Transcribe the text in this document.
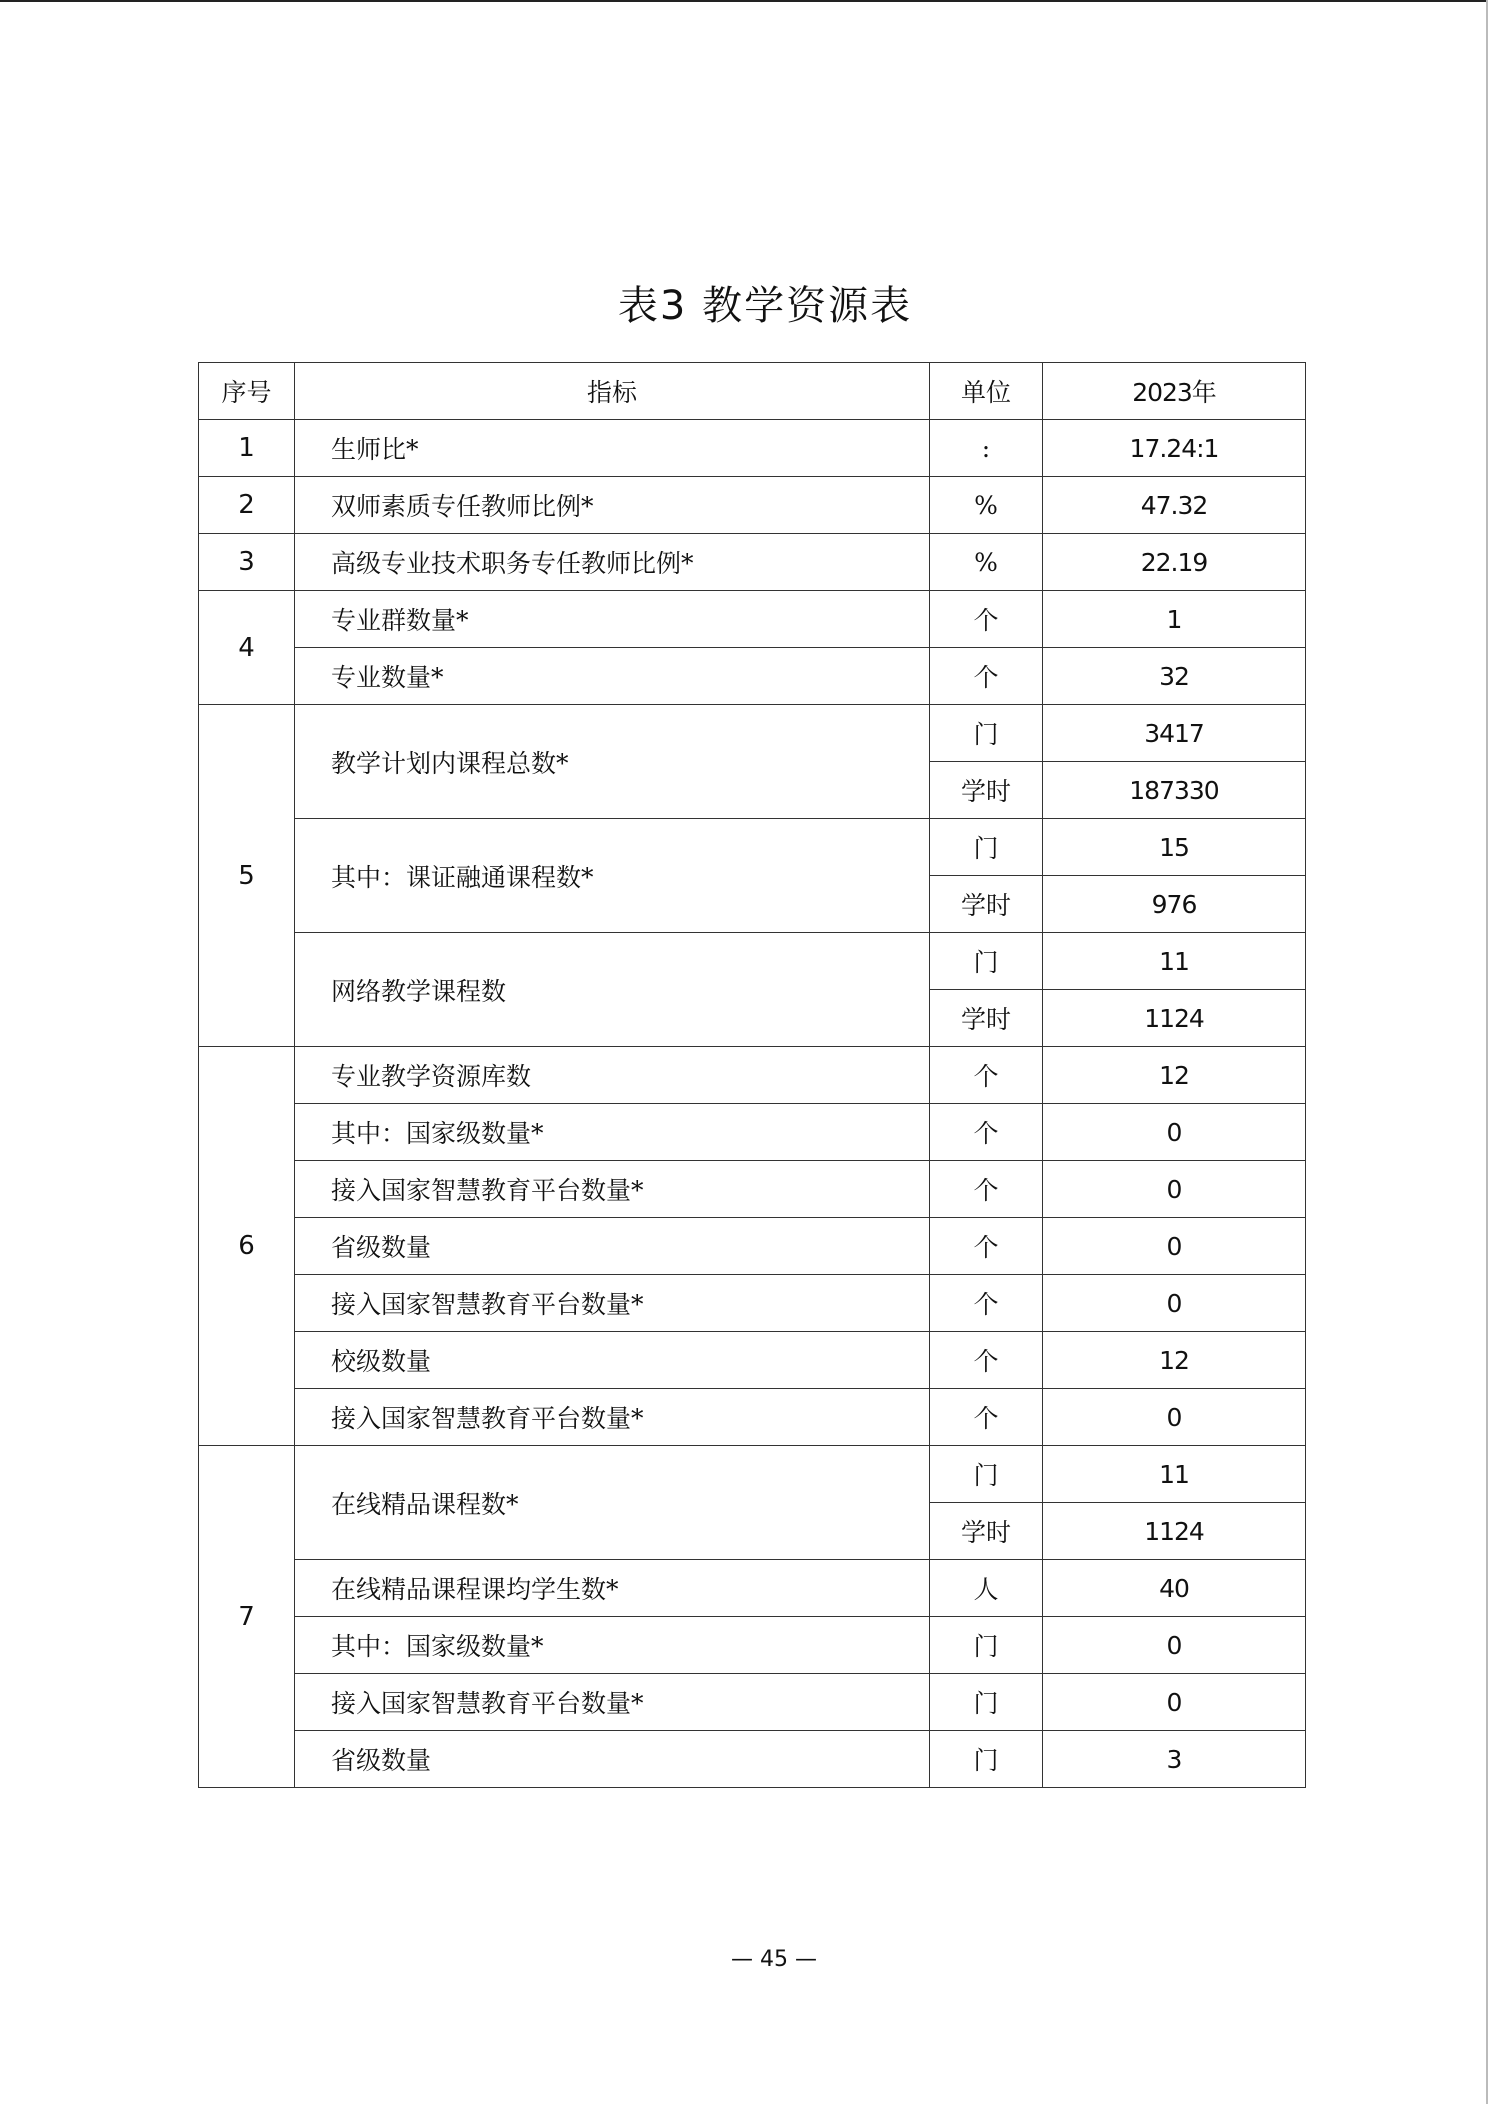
表3 教学资源表
序号	指标	单位	2023年
1	生师比*	:	17.24:1
2	双师素质专任教师比例*	%	47.32
3	高级专业技术职务专任教师比例*	%	22.19
4	专业群数量*	个	1
	专业数量*	个	32
5	教学计划内课程总数*	门	3417
		学时	187330
	其中：课证融通课程数*	门	15
		学时	976
	网络教学课程数	门	11
		学时	1124
6	专业教学资源库数	个	12
	其中：国家级数量*	个	0
	接入国家智慧教育平台数量*	个	0
	省级数量	个	0
	接入国家智慧教育平台数量*	个	0
	校级数量	个	12
	接入国家智慧教育平台数量*	个	0
7	在线精品课程数*	门	11
		学时	1124
	在线精品课程课均学生数*	人	40
	其中：国家级数量*	门	0
	接入国家智慧教育平台数量*	门	0
	省级数量	门	3
— 45 —
